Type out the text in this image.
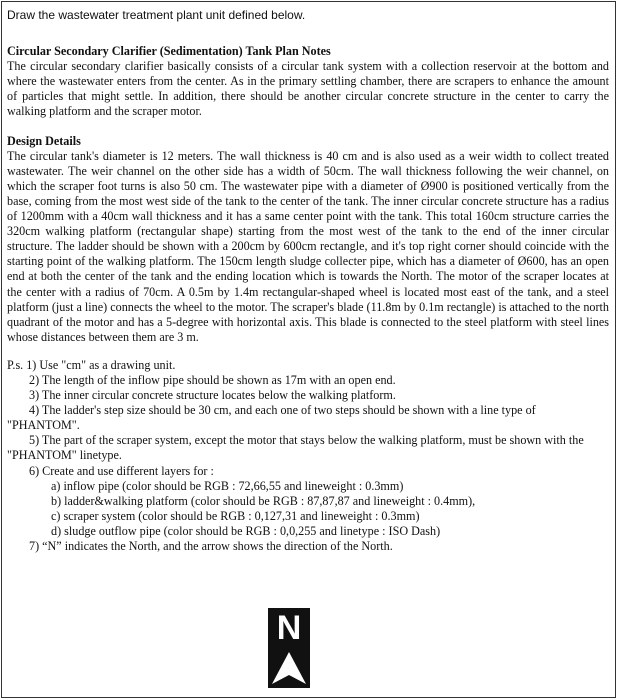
Draw the wastewater treatment plant unit defined below.

Circular Secondary Clarifier (Sedimentation) Tank Plan Notes

The circular secondary clarifier basically consists of a circular tank system with a collection reservoir at the bottom and where the wastewater enters from the center. As in the primary settling chamber, there are scrapers to enhance the amount of particles that might settle. In addition, there should be another circular concrete structure in the center to carry the walking platform and the scraper motor.

Design Details

The circular tank's diameter is 12 meters. The wall thickness is 40 cm and is also used as a weir width to collect treated wastewater. The weir channel on the other side has a width of 50cm. The wall thickness following the weir channel, on which the scraper foot turns is also 50 cm. The wastewater pipe with a diameter of Ø900 is positioned vertically from the base, coming from the most west side of the tank to the center of the tank. The inner circular concrete structure has a radius of 1200mm with a 40cm wall thickness and it has a same center point with the tank. This total 160cm structure carries the 320cm walking platform (rectangular shape) starting from the most west of the tank to the end of the inner circular structure. The ladder should be shown with a 200cm by 600cm rectangle, and it's top right corner should coincide with the starting point of the walking platform. The 150cm length sludge collecter pipe, which has a diameter of Ø600, has an open end at both the center of the tank and the ending location which is towards the North. The motor of the scraper locates at the center with a radius of 70cm. A 0.5m by 1.4m rectangular-shaped wheel is located most east of the tank, and a steel platform (just a line) connects the wheel to the motor. The scraper's blade (11.8m by 0.1m rectangle) is attached to the north quadrant of the motor and has a 5-degree with horizontal axis. This blade is connected to the steel platform with steel lines whose distances between them are 3 m.

P.s. 1) Use "cm" as a drawing unit.

2) The length of the inflow pipe should be shown as 17m with an open end.

3) The inner circular concrete structure locates below the walking platform.

4) The ladder's step size should be 30 cm, and each one of two steps should be shown with a line type of "PHANTOM".

5) The part of the scraper system, except the motor that stays below the walking platform, must be shown with the "PHANTOM" linetype.

6) Create and use different layers for :

a) inflow pipe (color should be RGB : 72,66,55 and lineweight : 0.3mm)

b) ladder&walking platform (color should be RGB : 87,87,87 and lineweight : 0.4mm),

c) scraper system (color should be RGB : 0,127,31 and lineweight : 0.3mm)

d) sludge outflow pipe (color should be RGB : 0,0,255 and linetype : ISO Dash)

7) “N” indicates the North, and the arrow shows the direction of the North.

N
